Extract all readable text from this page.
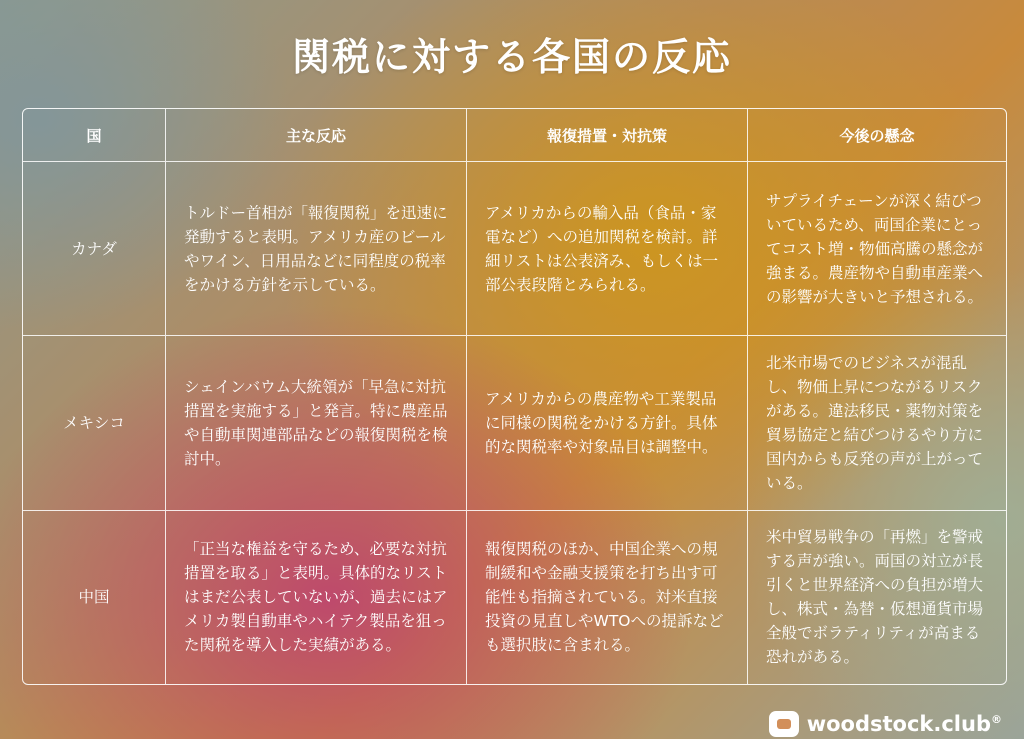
関税に対する各国の反応
国	主な反応	報復措置・対抗策	今後の懸念
カナダ	トルドー首相が「報復関税」を迅速に発動すると表明。アメリカ産のビールやワイン、日用品などに同程度の税率をかける方針を示している。	アメリカからの輸入品（食品・家電など）への追加関税を検討。詳細リストは公表済み、もしくは一部公表段階とみられる。	サプライチェーンが深く結びついているため、両国企業にとってコスト増・物価高騰の懸念が強まる。農産物や自動車産業への影響が大きいと予想される。
メキシコ	シェインバウム大統領が「早急に対抗措置を実施する」と発言。特に農産品や自動車関連部品などの報復関税を検討中。	アメリカからの農産物や工業製品に同様の関税をかける方針。具体的な関税率や対象品目は調整中。	北米市場でのビジネスが混乱し、物価上昇につながるリスクがある。違法移民・薬物対策を貿易協定と結びつけるやり方に国内からも反発の声が上がっている。
中国	「正当な権益を守るため、必要な対抗措置を取る」と表明。具体的なリストはまだ公表していないが、過去にはアメリカ製自動車やハイテク製品を狙った関税を導入した実績がある。	報復関税のほか、中国企業への規制緩和や金融支援策を打ち出す可能性も指摘されている。対米直接投資の見直しやWTOへの提訴なども選択肢に含まれる。	米中貿易戦争の「再燃」を警戒する声が強い。両国の対立が長引くと世界経済への負担が増大し、株式・為替・仮想通貨市場全般でボラティリティが高まる恐れがある。
woodstock.club®
